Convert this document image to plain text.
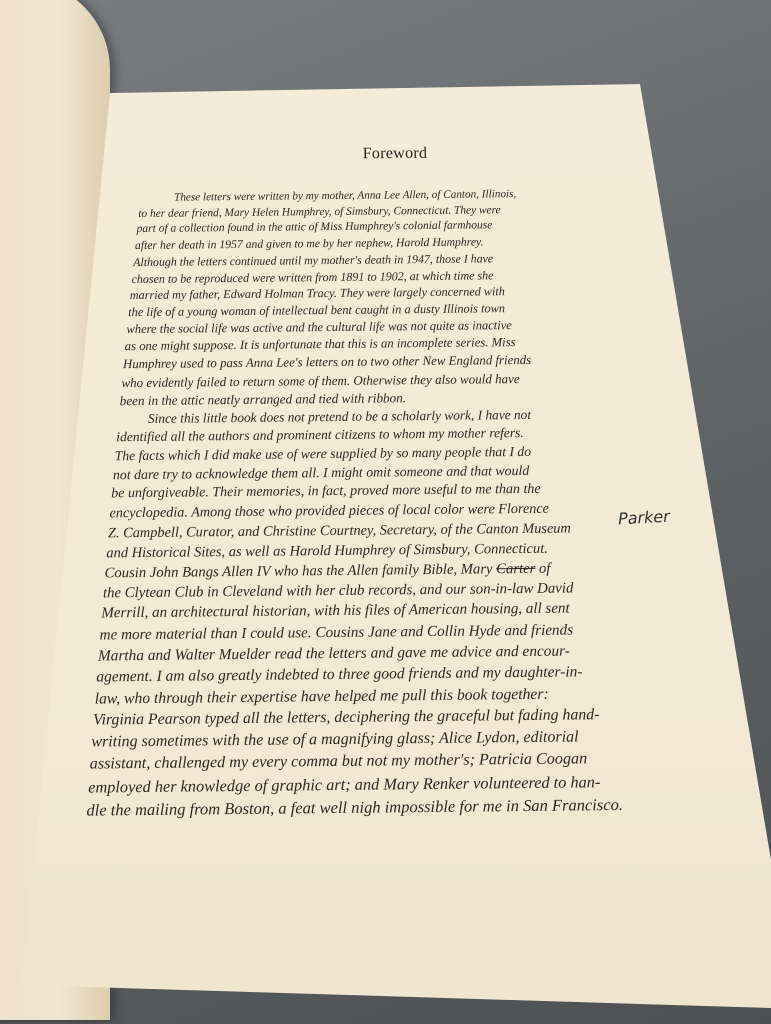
Foreword
These letters were written by my mother, Anna Lee Allen, of Canton, Illinois,
to her dear friend, Mary Helen Humphrey, of Simsbury, Connecticut. They were
part of a collection found in the attic of Miss Humphrey's colonial farmhouse
after her death in 1957 and given to me by her nephew, Harold Humphrey.
Although the letters continued until my mother's death in 1947, those I have
chosen to be reproduced were written from 1891 to 1902, at which time she
married my father, Edward Holman Tracy. They were largely concerned with
the life of a young woman of intellectual bent caught in a dusty Illinois town
where the social life was active and the cultural life was not quite as inactive
as one might suppose. It is unfortunate that this is an incomplete series. Miss
Humphrey used to pass Anna Lee's letters on to two other New England friends
who evidently failed to return some of them. Otherwise they also would have
been in the attic neatly arranged and tied with ribbon.
Since this little book does not pretend to be a scholarly work, I have not
identified all the authors and prominent citizens to whom my mother refers.
The facts which I did make use of were supplied by so many people that I do
not dare try to acknowledge them all. I might omit someone and that would
be unforgiveable. Their memories, in fact, proved more useful to me than the
encyclopedia. Among those who provided pieces of local color were Florence
Z. Campbell, Curator, and Christine Courtney, Secretary, of the Canton Museum
and Historical Sites, as well as Harold Humphrey of Simsbury, Connecticut.
Cousin John Bangs Allen IV who has the Allen family Bible, Mary Carter of
the Clytean Club in Cleveland with her club records, and our son-in-law David
Merrill, an architectural historian, with his files of American housing, all sent
me more material than I could use. Cousins Jane and Collin Hyde and friends
Martha and Walter Muelder read the letters and gave me advice and encour-
agement. I am also greatly indebted to three good friends and my daughter-in-
law, who through their expertise have helped me pull this book together:
Virginia Pearson typed all the letters, deciphering the graceful but fading hand-
writing sometimes with the use of a magnifying glass; Alice Lydon, editorial
assistant, challenged my every comma but not my mother's; Patricia Coogan
employed her knowledge of graphic art; and Mary Renker volunteered to han-
dle the mailing from Boston, a feat well nigh impossible for me in San Francisco.
Parker
